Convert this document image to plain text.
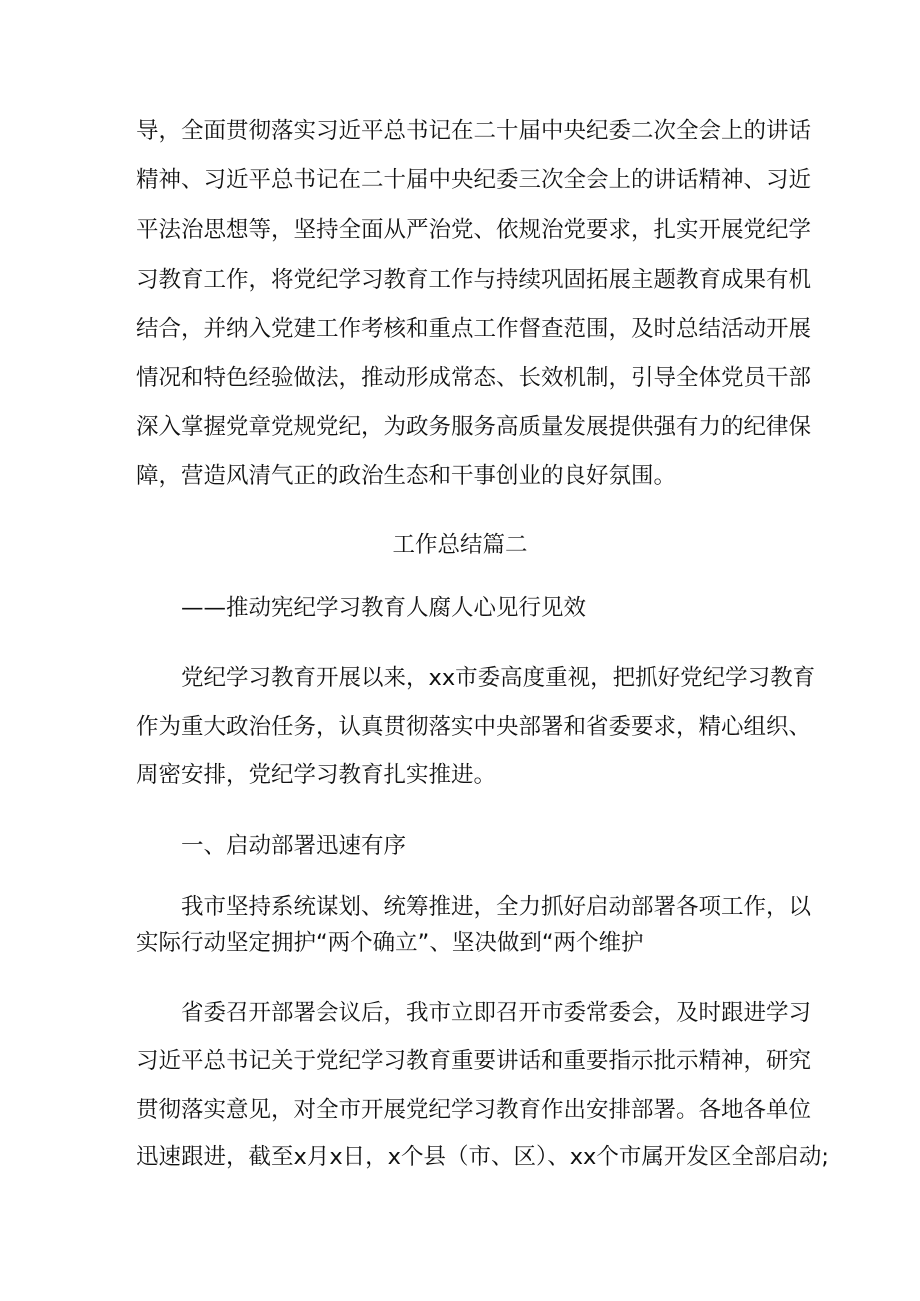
导，全面贯彻落实习近平总书记在二十届中央纪委二次全会上的讲话
精神、习近平总书记在二十届中央纪委三次全会上的讲话精神、习近
平法治思想等，坚持全面从严治党、依规治党要求，扎实开展党纪学
习教育工作，将党纪学习教育工作与持续巩固拓展主题教育成果有机
结合，并纳入党建工作考核和重点工作督查范围，及时总结活动开展
情况和特色经验做法，推动形成常态、长效机制，引导全体党员干部
深入掌握党章党规党纪，为政务服务高质量发展提供强有力的纪律保
障，营造风清气正的政治生态和干事创业的良好氛围。
工作总结篇二
——推动宪纪学习教育人腐人心见行见效
党纪学习教育开展以来，xx市委高度重视，把抓好党纪学习教育
作为重大政治任务，认真贯彻落实中央部署和省委要求，精心组织、
周密安排，党纪学习教育扎实推进。
一、启动部署迅速有序
我市坚持系统谋划、统筹推进，全力抓好启动部署各项工作，以
实际行动坚定拥护“两个确立”、坚决做到“两个维护
省委召开部署会议后，我市立即召开市委常委会，及时跟进学习
习近平总书记关于党纪学习教育重要讲话和重要指示批示精神，研究
贯彻落实意见，对全市开展党纪学习教育作出安排部署。各地各单位
迅速跟进，截至x月x日，x个县（市、区）、xx个市属开发区全部启动;
